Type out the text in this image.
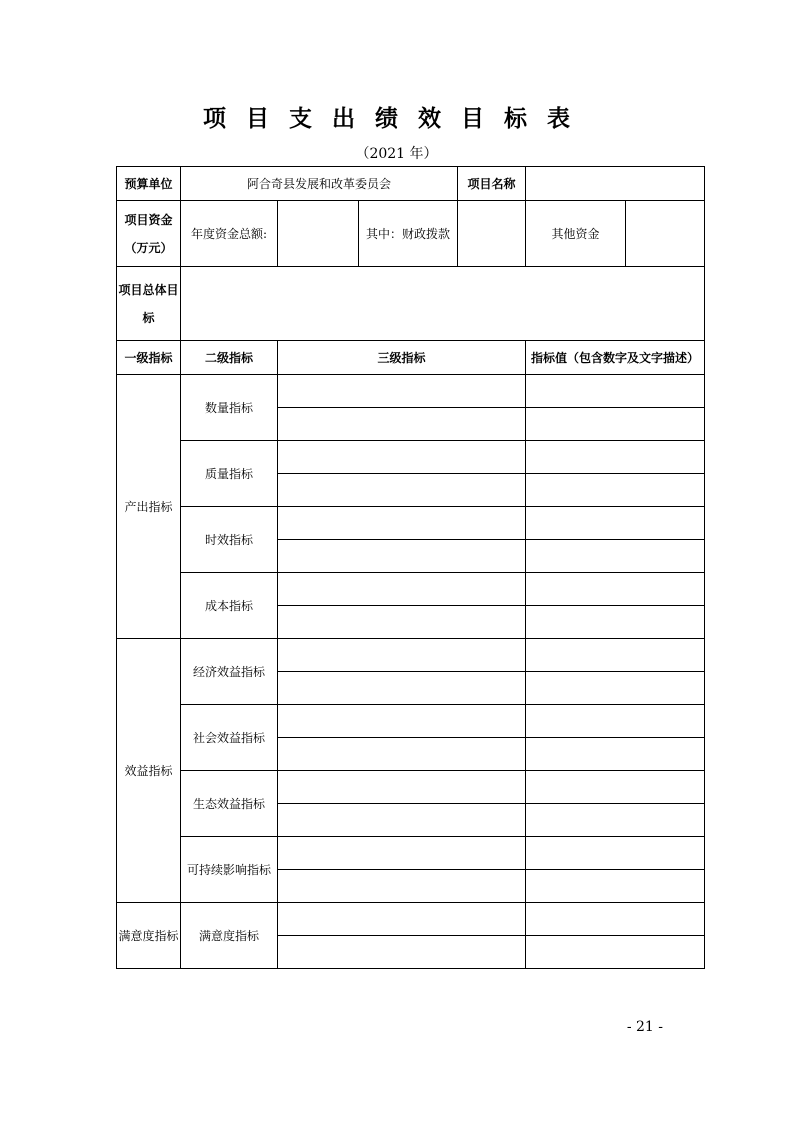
项目支出绩效目标表
（2021 年）
预算单位	阿合奇县发展和改革委员会			项目名称		
项目资金（万元）	年度资金总额:		其中：财政拨款		其他资金	
项目总体目标						
一级指标	二级指标	三级指标			指标值（包含数字及文字描述）	
产出指标	数量指标					

	质量指标					

	时效指标					

	成本指标					

效益指标	经济效益指标					

	社会效益指标					

	生态效益指标					

	可持续影响指标					

满意度指标	满意度指标					

- 21 -
